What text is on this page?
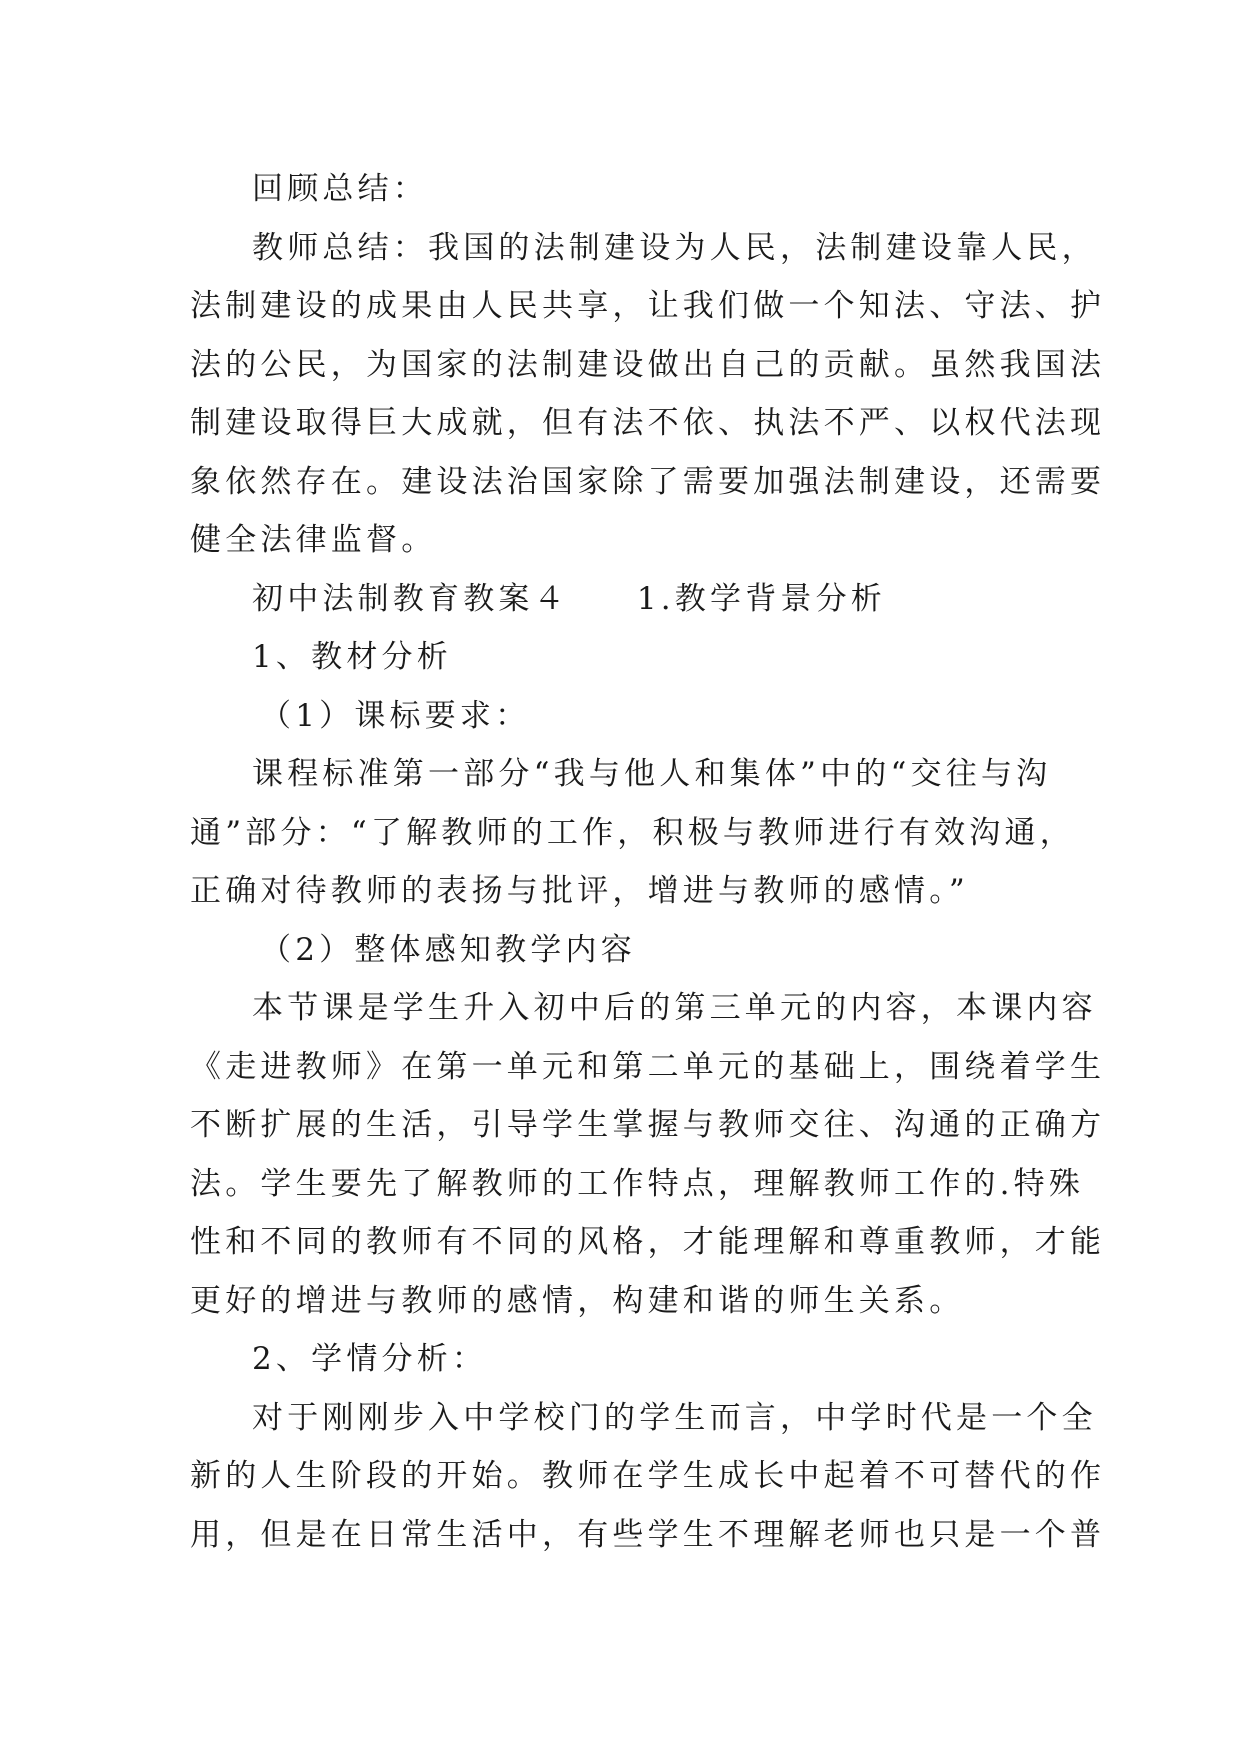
回顾总结：
教师总结：我国的法制建设为人民，法制建设靠人民，
法制建设的成果由人民共享，让我们做一个知法、守法、护
法的公民，为国家的法制建设做出自己的贡献。虽然我国法
制建设取得巨大成就，但有法不依、执法不严、以权代法现
象依然存在。建设法治国家除了需要加强法制建设，还需要
健全法律监督。
初中法制教育教案４ 1.教学背景分析
1、教材分析
（1）课标要求：
课程标准第一部分“我与他人和集体”中的“交往与沟
通”部分：“了解教师的工作，积极与教师进行有效沟通，
正确对待教师的表扬与批评，增进与教师的感情。”
（2）整体感知教学内容
本节课是学生升入初中后的第三单元的内容，本课内容
《走进教师》在第一单元和第二单元的基础上，围绕着学生
不断扩展的生活，引导学生掌握与教师交往、沟通的正确方
法。学生要先了解教师的工作特点，理解教师工作的.特殊
性和不同的教师有不同的风格，才能理解和尊重教师，才能
更好的增进与教师的感情，构建和谐的师生关系。
2、学情分析：
对于刚刚步入中学校门的学生而言，中学时代是一个全
新的人生阶段的开始。教师在学生成长中起着不可替代的作
用，但是在日常生活中，有些学生不理解老师也只是一个普
